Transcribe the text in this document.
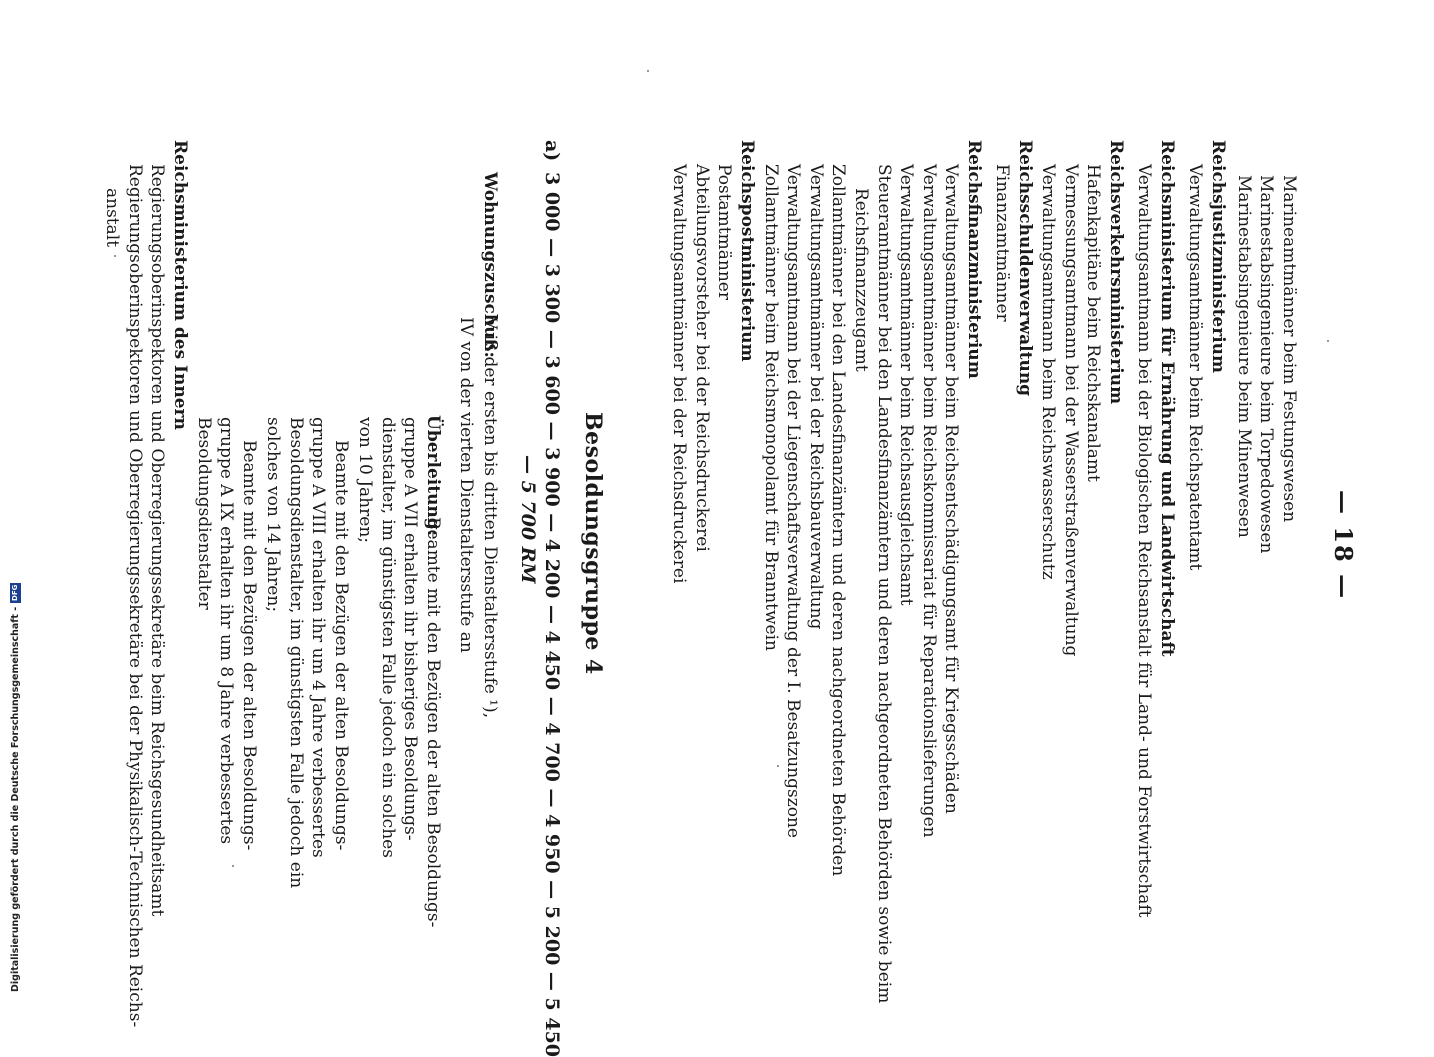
— 18 —
Marineamtmänner beim Festungswesen
Marinestabsingenieure beim Torpedowesen
Marinestabsingenieure beim Minenwesen
Reichsjustizministerium
Verwaltungsamtmänner beim Reichspatentamt
Reichsministerium für Ernährung und Landwirtschaft
Verwaltungsamtmann bei der Biologischen Reichsanstalt für Land- und Forstwirtschaft
Reichsverkehrsministerium
Hafenkapitäne beim Reichskanalamt
Vermessungsamtmann bei der Wasserstraßenverwaltung
Verwaltungsamtmann beim Reichswasserschutz
Reichsschuldenverwaltung
Finanzamtmänner
Reichsfinanzministerium
Verwaltungsamtmänner beim Reichsentschädigungsamt für Kriegsschäden
Verwaltungsamtmänner beim Reichskommissariat für Reparationslieferungen
Verwaltungsamtmänner beim Reichsausgleichsamt
Steueramtmänner bei den Landesfinanzämtern und deren nachgeordneten Behörden sowie beim
Reichsfinanzzeugamt
Zollamtmänner bei den Landesfinanzämtern und deren nachgeordneten Behörden
Verwaltungsamtmänner bei der Reichsbauverwaltung
Verwaltungsamtmann bei der Liegenschaftsverwaltung der I. Besatzungszone
Zollamtmänner beim Reichsmonopolamt für Branntwein
Reichspostministerium
Postamtmänner
Abteilungsvorsteher bei der Reichsdruckerei
Verwaltungsamtmänner bei der Reichsdruckerei
Besoldungsgruppe 4
a)
3 000 — 3 300 — 3 600 — 3 900 — 4 200 — 4 450 — 4 700 — 4 950 — 5 200 — 5 450
— 5 700 RM
Wohnungszuschuß:
V in der ersten bis dritten Dienstaltersstufe ¹),
IV von der vierten Dienstaltersstufe an
Überleitung:
Beamte mit den Bezügen der alten Besoldungs-
gruppe A VII erhalten ihr bisheriges Besoldungs-
dienstalter, im günstigsten Falle jedoch ein solches
von 10 Jahren;
Beamte mit den Bezügen der alten Besoldungs-
gruppe A VIII erhalten ihr um 4 Jahre verbessertes
Besoldungsdienstalter, im günstigsten Falle jedoch ein
solches von 14 Jahren;
Beamte mit den Bezügen der alten Besoldungs-
gruppe A IX erhalten ihr um 8 Jahre verbessertes
Besoldungsdienstalter
Reichsministerium des Innern
Regierungsoberinspektoren und Oberregierungssekretäre beim Reichsgesundheitsamt
Regierungsoberinspektoren und Oberregierungssekretäre bei der Physikalisch-Technischen Reichs-
anstalt
Digitalisierung gefördert durch die Deutsche Forschungsgemeinschaft -
DFG
